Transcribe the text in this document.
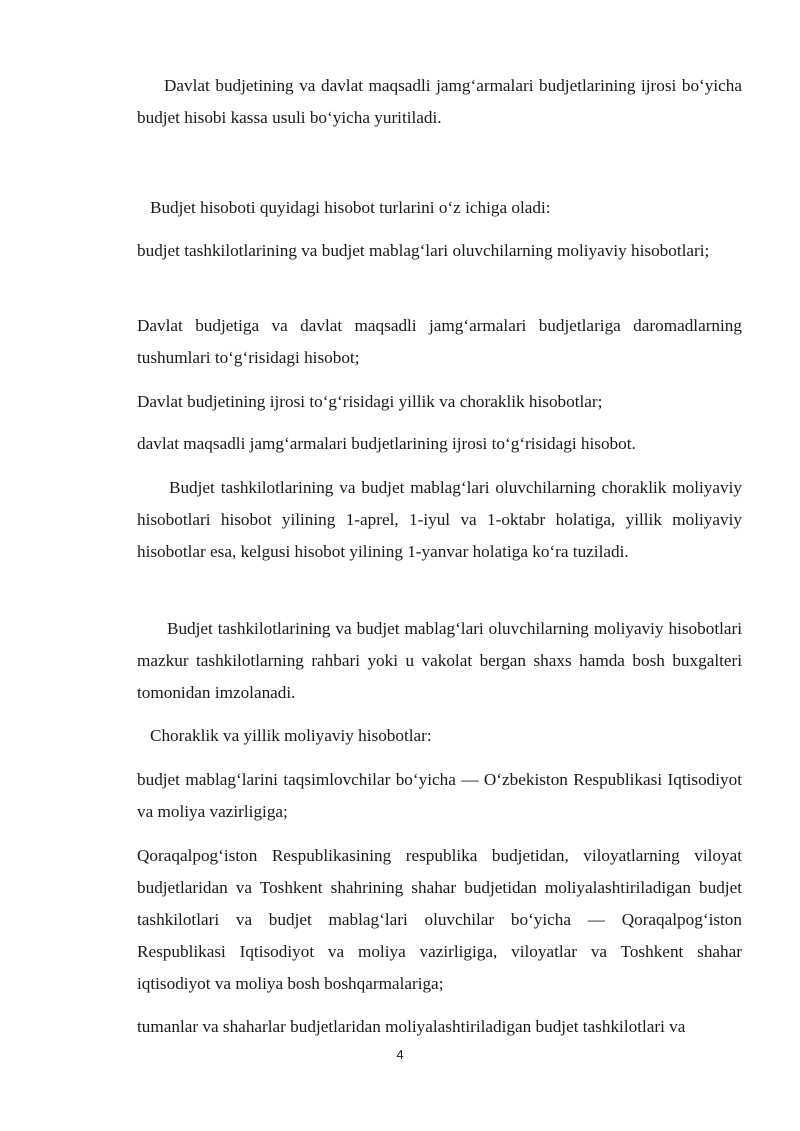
Davlat budjetining va davlat maqsadli jamg‘armalari budjetlarining ijrosi bo‘yicha budjet hisobi kassa usuli bo‘yicha yuritiladi.

Budjet hisoboti quyidagi hisobot turlarini o‘z ichiga oladi:

budjet tashkilotlarining va budjet mablag‘lari oluvchilarning moliyaviy hisobotlari;

Davlat budjetiga va davlat maqsadli jamg‘armalari budjetlariga daromadlarning tushumlari to‘g‘risidagi hisobot;

Davlat budjetining ijrosi to‘g‘risidagi yillik va choraklik hisobotlar;

davlat maqsadli jamg‘armalari budjetlarining ijrosi to‘g‘risidagi hisobot.

Budjet tashkilotlarining va budjet mablag‘lari oluvchilarning choraklik moliyaviy hisobotlari hisobot yilining 1-aprel, 1-iyul va 1-oktabr holatiga, yillik moliyaviy hisobotlar esa, kelgusi hisobot yilining 1-yanvar holatiga ko‘ra tuziladi.

Budjet tashkilotlarining va budjet mablag‘lari oluvchilarning moliyaviy hisobotlari mazkur tashkilotlarning rahbari yoki u vakolat bergan shaxs hamda bosh buxgalteri tomonidan imzolanadi.

Choraklik va yillik moliyaviy hisobotlar:

budjet mablag‘larini taqsimlovchilar bo‘yicha — O‘zbekiston Respublikasi Iqtisodiyot va moliya vazirligiga;

Qoraqalpog‘iston Respublikasining respublika budjetidan, viloyatlarning viloyat budjetlaridan va Toshkent shahrining shahar budjetidan moliyalashtiriladigan budjet tashkilotlari va budjet mablag‘lari oluvchilar bo‘yicha — Qoraqalpog‘iston Respublikasi Iqtisodiyot va moliya vazirligiga, viloyatlar va Toshkent shahar iqtisodiyot va moliya bosh boshqarmalariga;

tumanlar va shaharlar budjetlaridan moliyalashtiriladigan budjet tashkilotlari va

4
